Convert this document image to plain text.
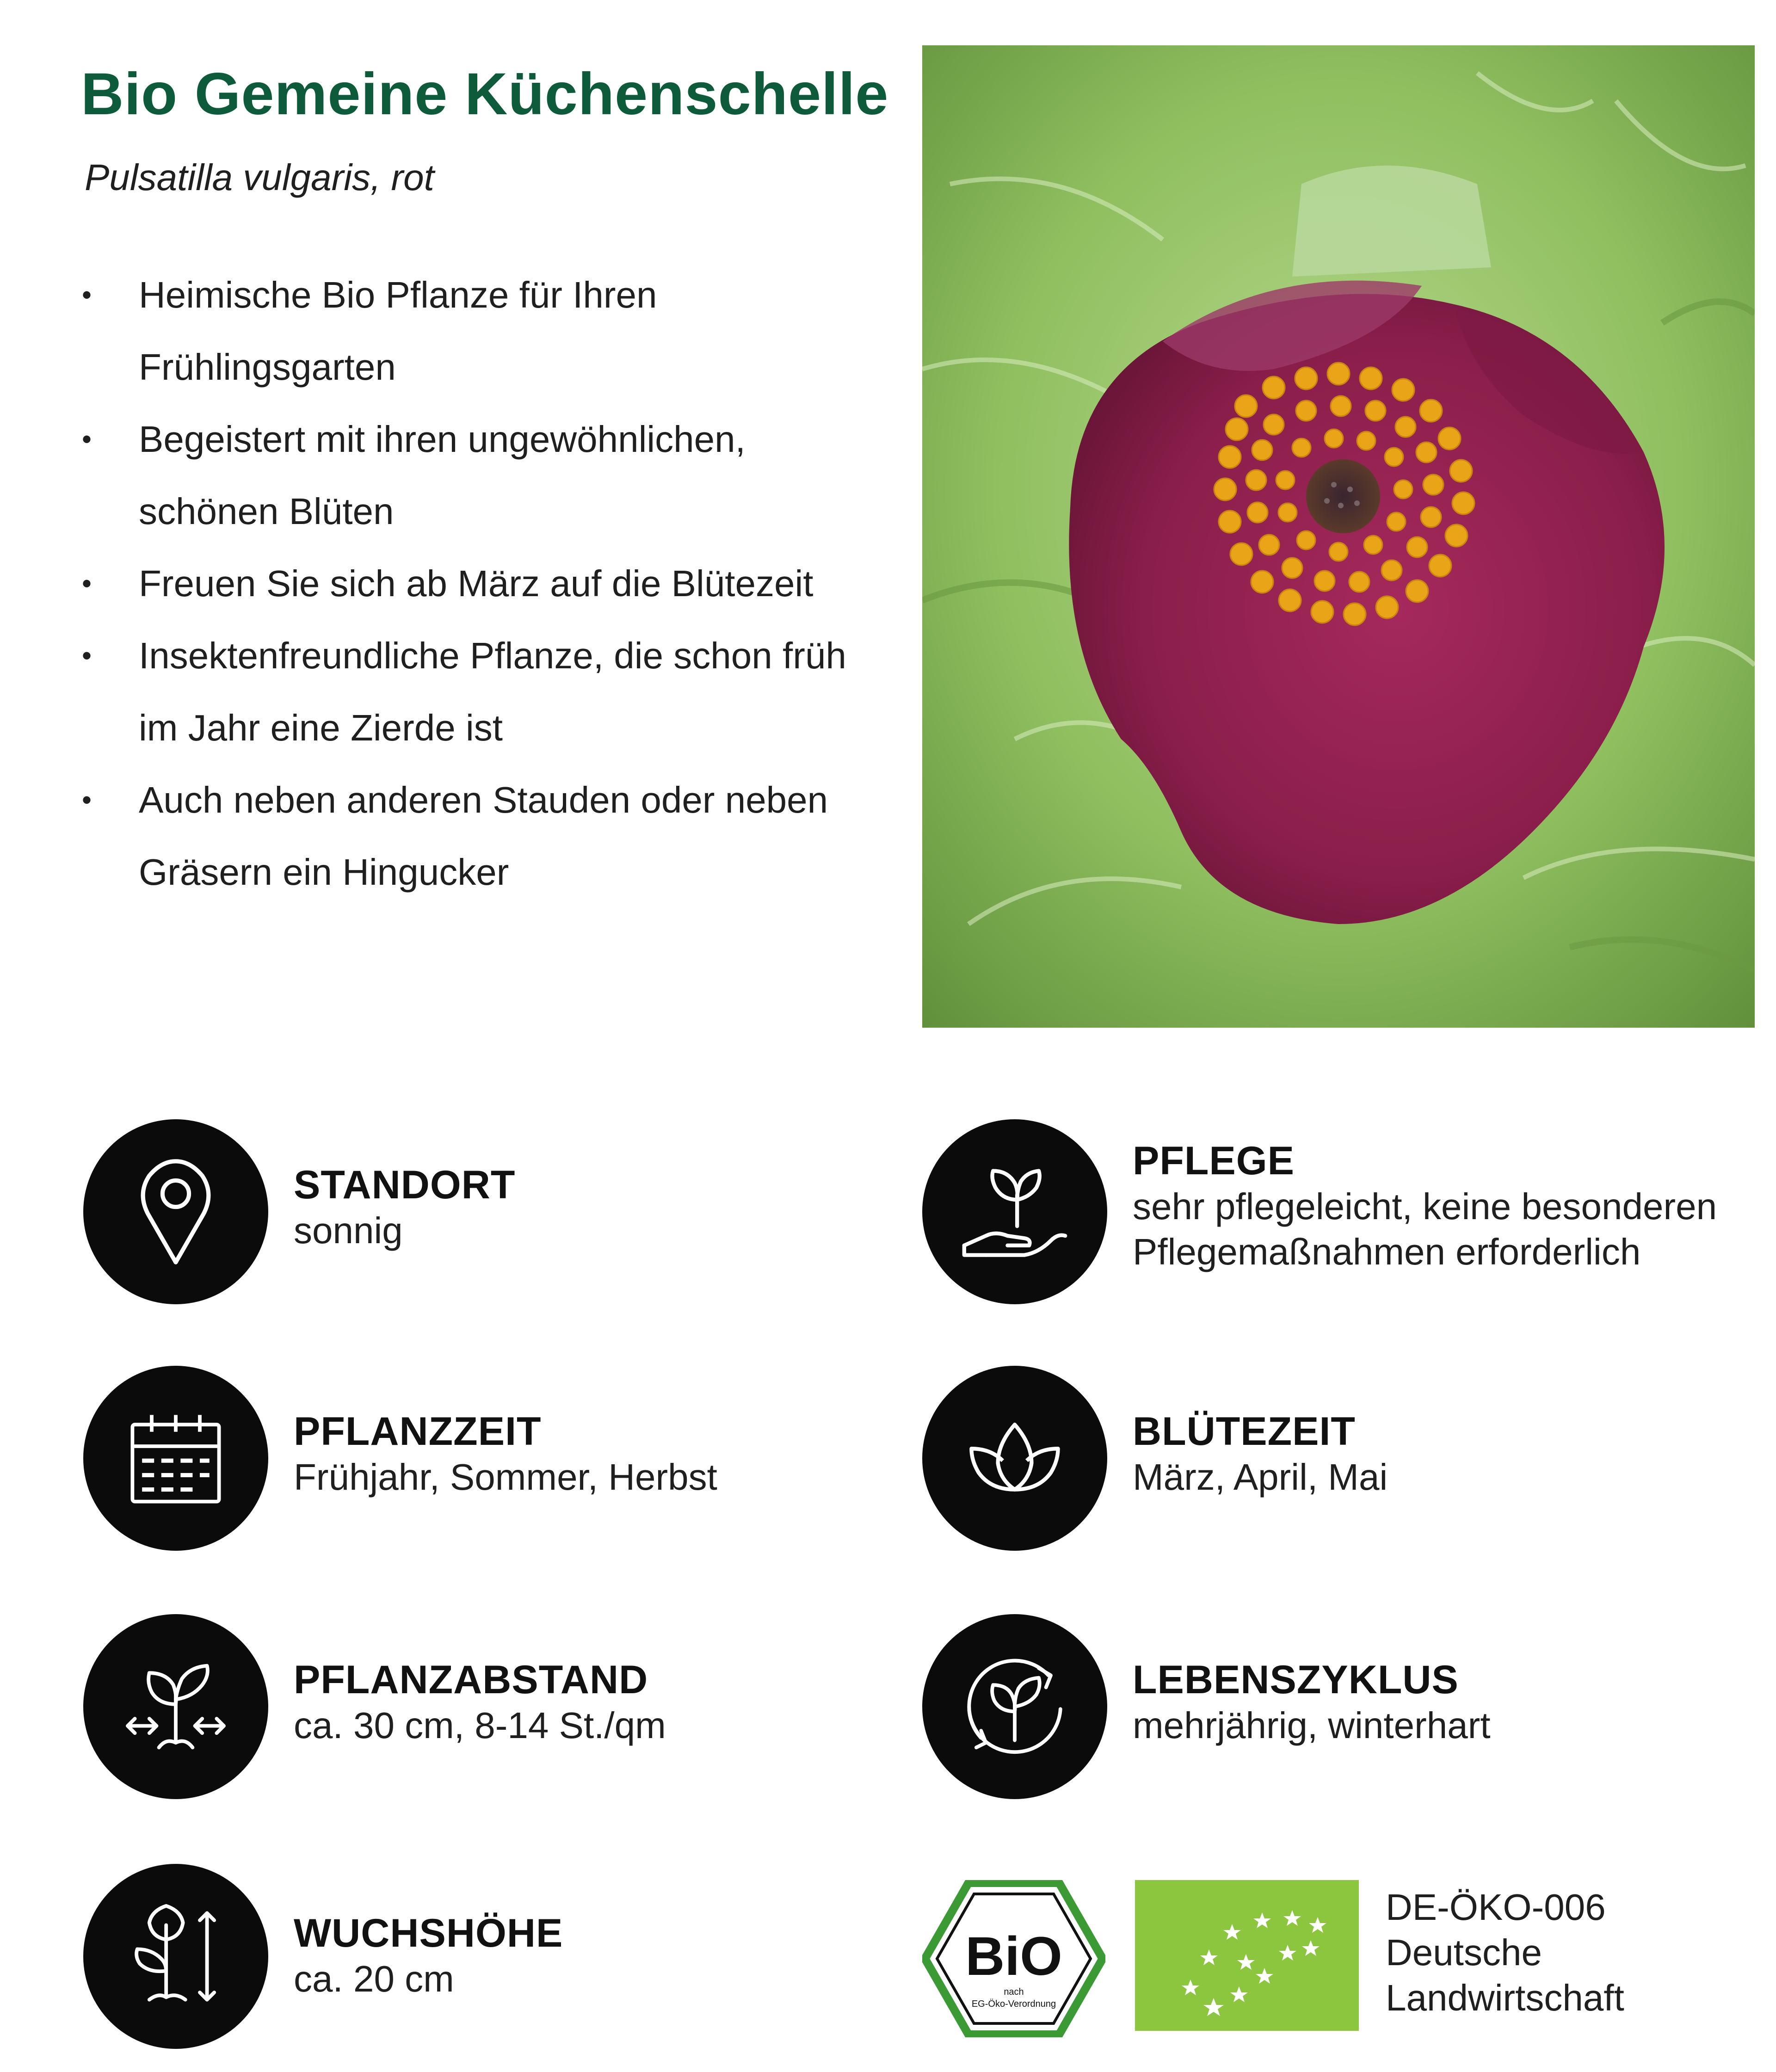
Bio Gemeine Küchenschelle

Pulsatilla vulgaris, rot

• Heimische Bio Pflanze für Ihren Frühlingsgarten
• Begeistert mit ihren ungewöhnlichen, schönen Blüten
• Freuen Sie sich ab März auf die Blütezeit
• Insektenfreundliche Pflanze, die schon früh im Jahr eine Zierde ist
• Auch neben anderen Stauden oder neben Gräsern ein Hingucker
STANDORT
sonnig
PFLEGE
sehr pflegeleicht, keine besonderen Pflegemaßnahmen erforderlich
PFLANZZEIT
Frühjahr, Sommer, Herbst
BLÜTEZEIT
März, April, Mai
PFLANZABSTAND
ca. 30 cm, 8-14 St./qm
LEBENSZYKLUS
mehrjährig, winterhart
WUCHSHÖHE
ca. 20 cm	BiO
nach
EG-Öko-Verordnung
DE-ÖKO-006
Deutsche
Landwirtschaft
